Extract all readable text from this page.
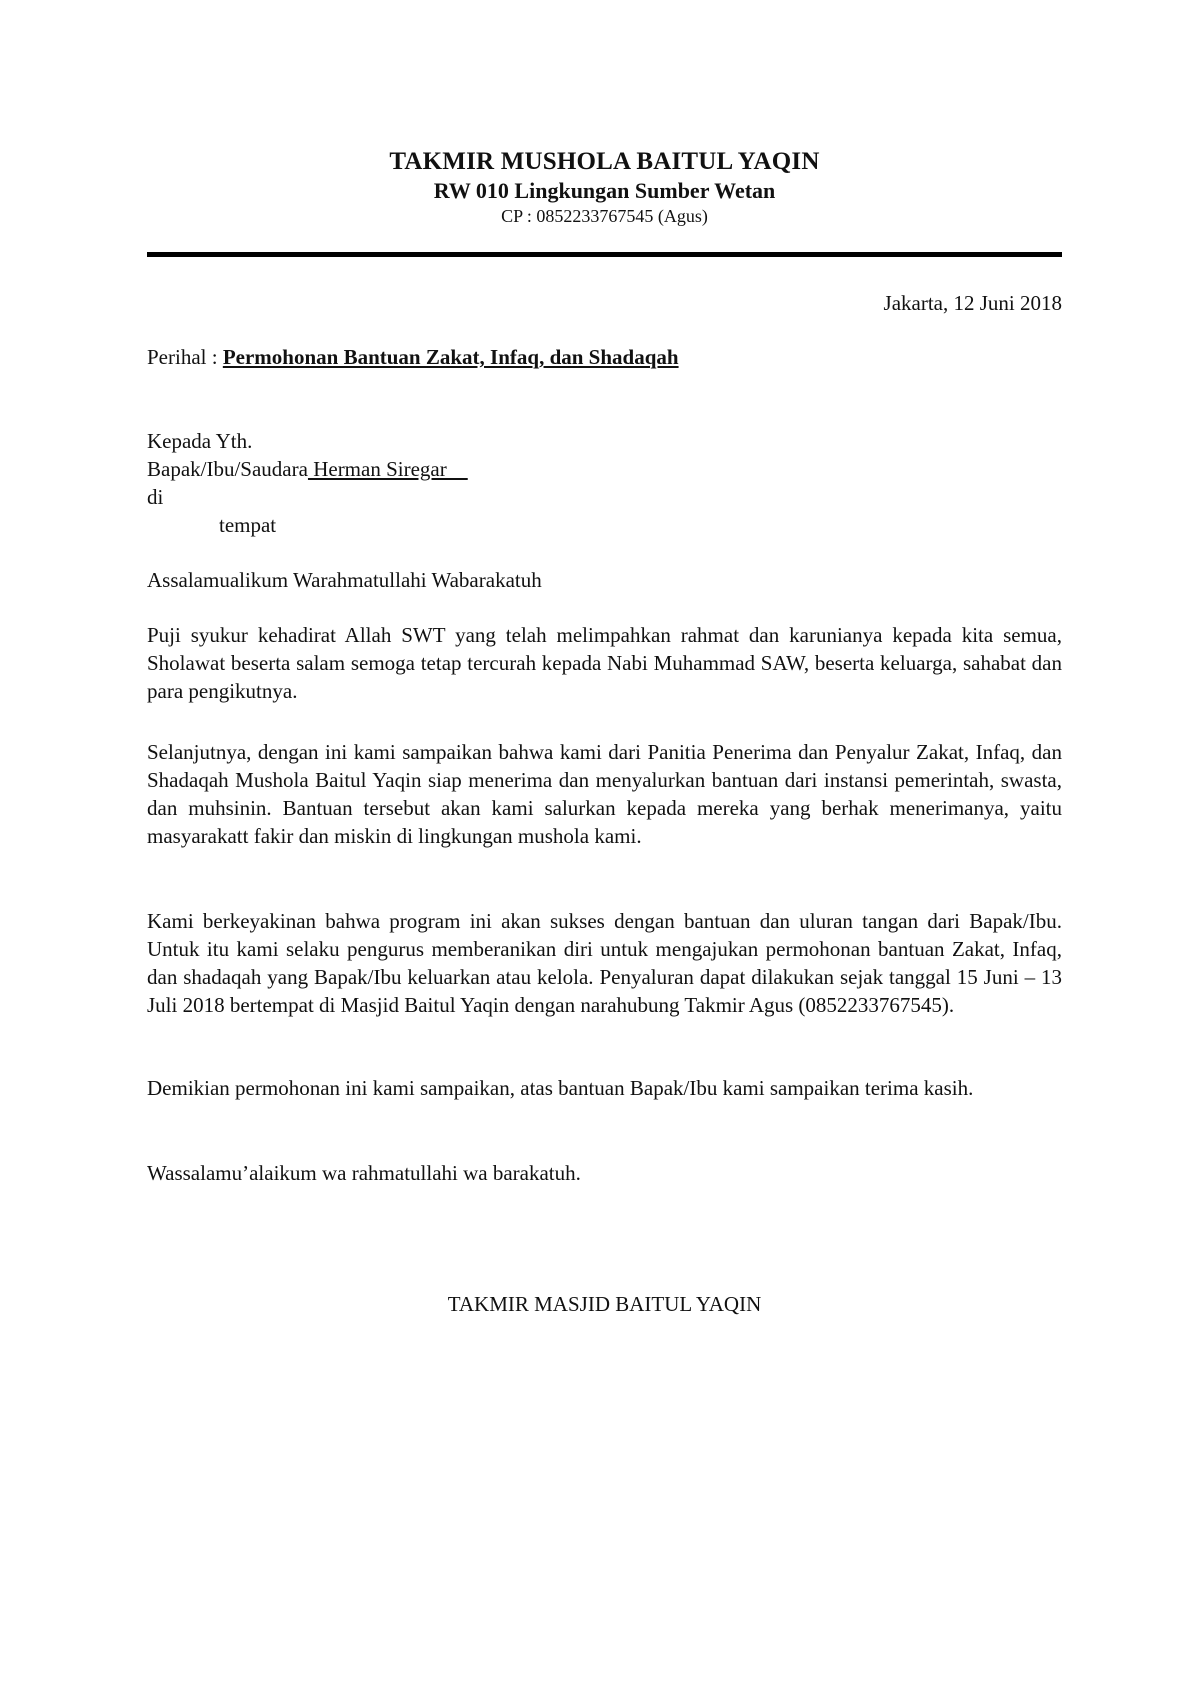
TAKMIR MUSHOLA BAITUL YAQIN
RW 010 Lingkungan Sumber Wetan
CP : 0852233767545 (Agus)
Jakarta, 12 Juni 2018
Perihal : Permohonan Bantuan Zakat, Infaq, dan Shadaqah
Kepada Yth.
Bapak/Ibu/Saudara Herman Siregar
di
tempat
Assalamualikum Warahmatullahi Wabarakatuh
Puji syukur kehadirat Allah SWT yang telah melimpahkan rahmat dan karunianya kepada kita semua, Sholawat beserta salam semoga tetap tercurah kepada Nabi Muhammad SAW, beserta keluarga, sahabat dan para pengikutnya.
Selanjutnya, dengan ini kami sampaikan bahwa kami dari Panitia Penerima dan Penyalur Zakat, Infaq, dan Shadaqah Mushola Baitul Yaqin siap menerima dan menyalurkan bantuan dari instansi pemerintah, swasta, dan muhsinin. Bantuan tersebut akan kami salurkan kepada mereka yang berhak menerimanya, yaitu masyarakatt fakir dan miskin di lingkungan mushola kami.
Kami berkeyakinan bahwa program ini akan sukses dengan bantuan dan uluran tangan dari Bapak/Ibu. Untuk itu kami selaku pengurus memberanikan diri untuk mengajukan permohonan bantuan Zakat, Infaq, dan shadaqah yang Bapak/Ibu keluarkan atau kelola. Penyaluran dapat dilakukan sejak tanggal 15 Juni – 13 Juli 2018 bertempat di Masjid Baitul Yaqin dengan narahubung Takmir Agus (0852233767545).
Demikian permohonan ini kami sampaikan, atas bantuan Bapak/Ibu kami sampaikan terima kasih.
Wassalamu’alaikum wa rahmatullahi wa barakatuh.
TAKMIR MASJID BAITUL YAQIN
